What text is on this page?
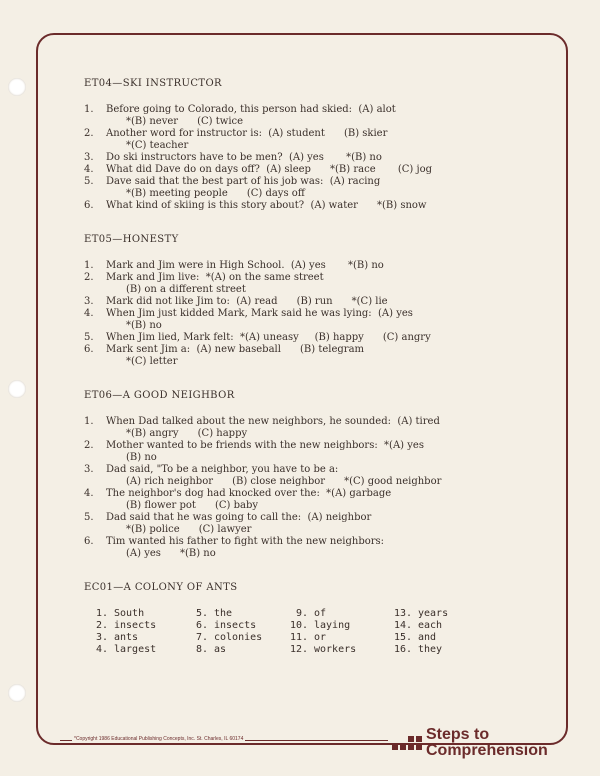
ET04—SKI INSTRUCTOR
1.	Before going to Colorado, this person had skied:  (A) alot
*(B) never      (C) twice
2.	Another word for instructor is:  (A) student      (B) skier
*(C) teacher
3.	Do ski instructors have to be men?  (A) yes       *(B) no
4.	What did Dave do on days off?  (A) sleep      *(B) race       (C) jog
5.	Dave said that the best part of his job was:  (A) racing
*(B) meeting people      (C) days off
6.	What kind of skiing is this story about?  (A) water      *(B) snow
ET05—HONESTY
1.	Mark and Jim were in High School.  (A) yes       *(B) no
2.	Mark and Jim live:  *(A) on the same street
(B) on a different street
3.	Mark did not like Jim to:  (A) read      (B) run      *(C) lie
4.	When Jim just kidded Mark, Mark said he was lying:  (A) yes
*(B) no
5.	When Jim lied, Mark felt:  *(A) uneasy     (B) happy      (C) angry
6.	Mark sent Jim a:  (A) new baseball      (B) telegram
*(C) letter
ET06—A GOOD NEIGHBOR
1.	When Dad talked about the new neighbors, he sounded:  (A) tired
*(B) angry      (C) happy
2.	Mother wanted to be friends with the new neighbors:  *(A) yes
(B) no
3.	Dad said, "To be a neighbor, you have to be a:
(A) rich neighbor      (B) close neighbor      *(C) good neighbor
4.	The neighbor's dog had knocked over the:  *(A) garbage
(B) flower pot      (C) baby
5.	Dad said that he was going to call the:  (A) neighbor
*(B) police      (C) lawyer
6.	Tim wanted his father to fight with the new neighbors:
(A) yes      *(B) no
EC01—A COLONY OF ANTS
1. South	5. the	9. of	13. years
2. insects	6. insects	10. laying	14. each
3. ants	7. colonies	11. or	15. and
4. largest	8. as	12. workers	16. they
*Copyright 1986 Educational Publishing Concepts, Inc. St. Charles, IL 60174	Steps to
Comprehension
